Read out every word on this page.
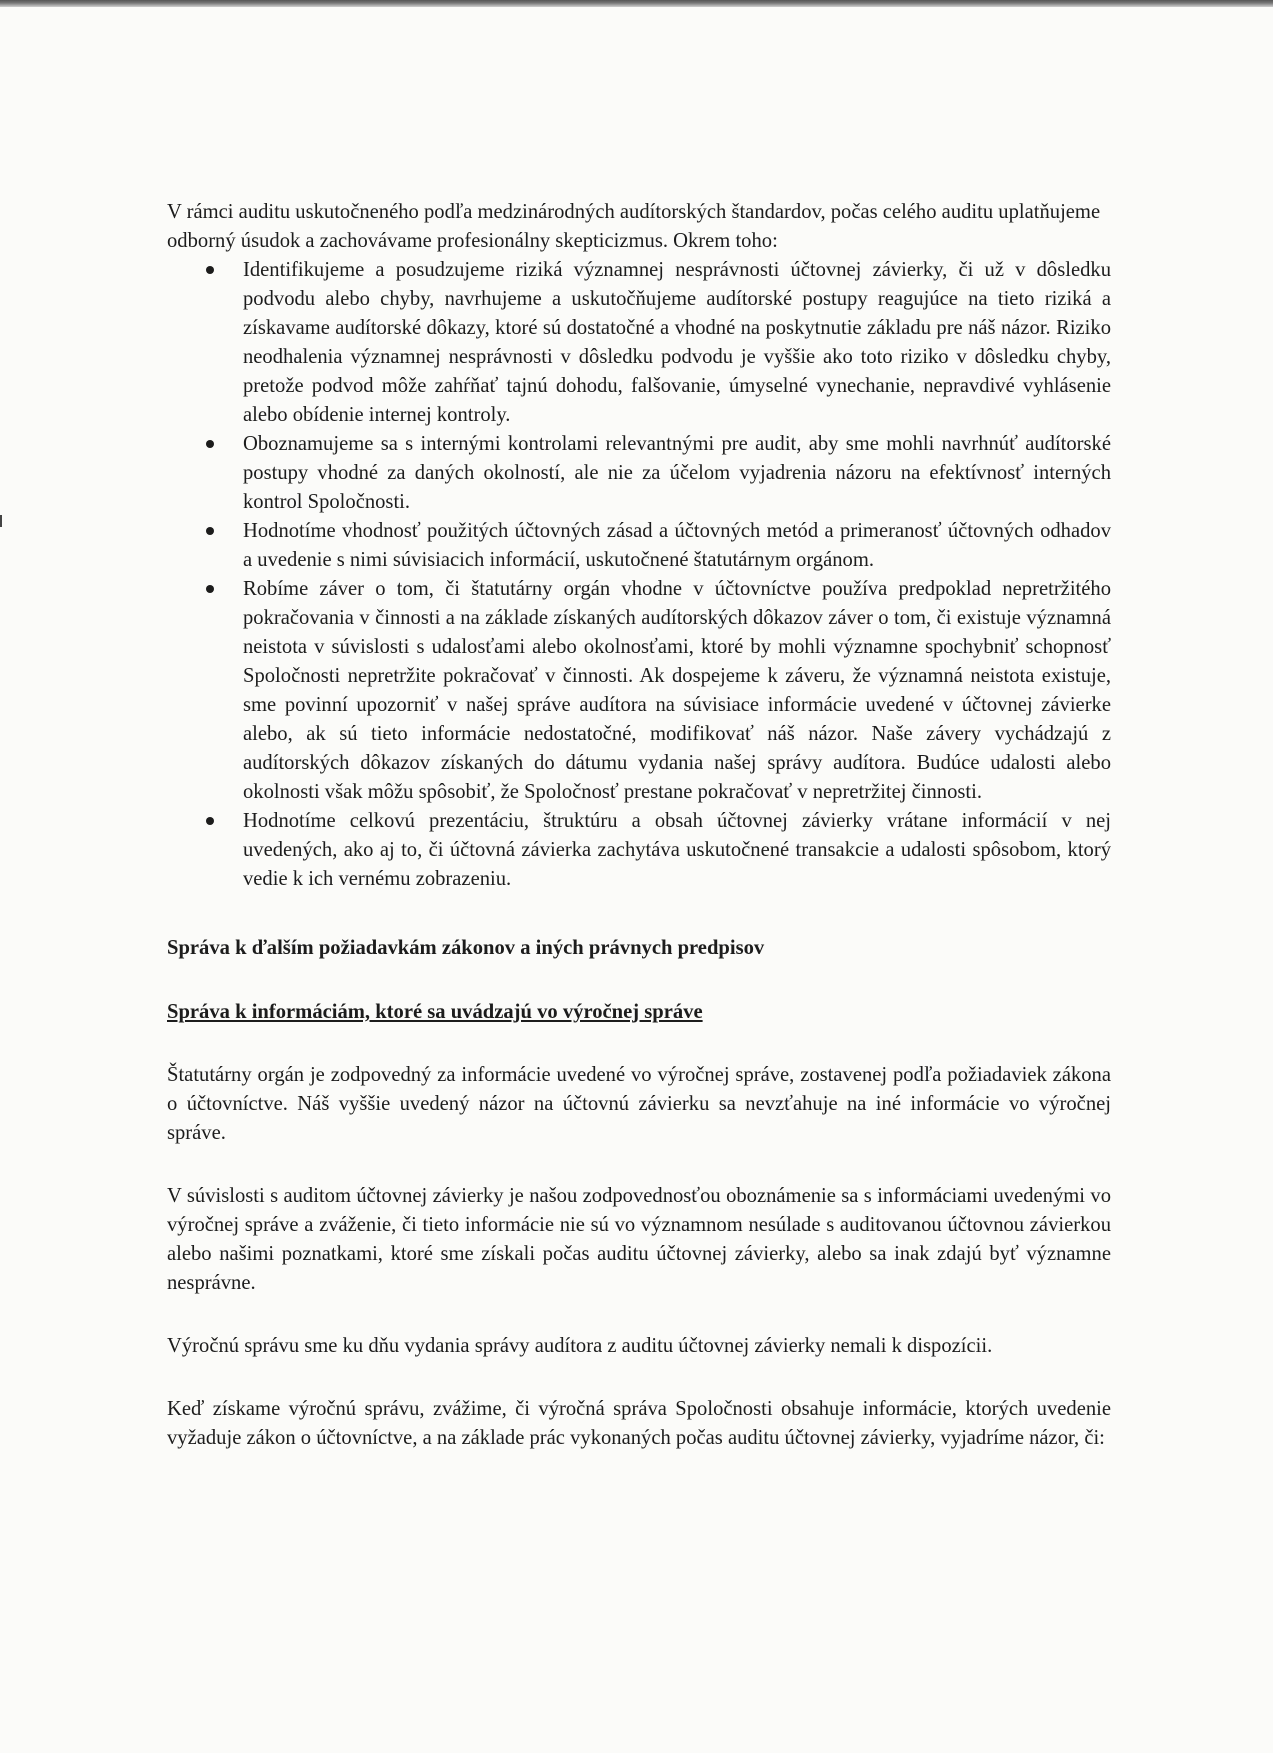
V rámci auditu uskutočneného podľa medzinárodných audítorských štandardov, počas celého auditu uplatňujeme odborný úsudok a zachovávame profesionálny skepticizmus. Okrem toho:

Identifikujeme a posudzujeme riziká významnej nesprávnosti účtovnej závierky, či už v dôsledku podvodu alebo chyby, navrhujeme a uskutočňujeme audítorské postupy reagujúce na tieto riziká a získavame audítorské dôkazy, ktoré sú dostatočné a vhodné na poskytnutie základu pre náš názor. Riziko neodhalenia významnej nesprávnosti v dôsledku podvodu je vyššie ako toto riziko v dôsledku chyby, pretože podvod môže zahŕňať tajnú dohodu, falšovanie, úmyselné vynechanie, nepravdivé vyhlásenie alebo obídenie internej kontroly.
Oboznamujeme sa s internými kontrolami relevantnými pre audit, aby sme mohli navrhnúť audítorské postupy vhodné za daných okolností, ale nie za účelom vyjadrenia názoru na efektívnosť interných kontrol Spoločnosti.
Hodnotíme vhodnosť použitých účtovných zásad a účtovných metód a primeranosť účtovných odhadov a uvedenie s nimi súvisiacich informácií, uskutočnené štatutárnym orgánom.
Robíme záver o tom, či štatutárny orgán vhodne v účtovníctve používa predpoklad nepretržitého pokračovania v činnosti a na základe získaných audítorských dôkazov záver o tom, či existuje významná neistota v súvislosti s udalosťami alebo okolnosťami, ktoré by mohli významne spochybniť schopnosť Spoločnosti nepretržite pokračovať v činnosti. Ak dospejeme k záveru, že významná neistota existuje, sme povinní upozorniť v našej správe audítora na súvisiace informácie uvedené v účtovnej závierke alebo, ak sú tieto informácie nedostatočné, modifikovať náš názor. Naše závery vychádzajú z audítorských dôkazov získaných do dátumu vydania našej správy audítora. Budúce udalosti alebo okolnosti však môžu spôsobiť, že Spoločnosť prestane pokračovať v nepretržitej činnosti.
Hodnotíme celkovú prezentáciu, štruktúru a obsah účtovnej závierky vrátane informácií v nej uvedených, ako aj to, či účtovná závierka zachytáva uskutočnené transakcie a udalosti spôsobom, ktorý vedie k ich vernému zobrazeniu.

Správa k ďalším požiadavkám zákonov a iných právnych predpisov

Správa k informáciám, ktoré sa uvádzajú vo výročnej správe

Štatutárny orgán je zodpovedný za informácie uvedené vo výročnej správe, zostavenej podľa požiadaviek zákona o účtovníctve. Náš vyššie uvedený názor na účtovnú závierku sa nevzťahuje na iné informácie vo výročnej správe.

V súvislosti s auditom účtovnej závierky je našou zodpovednosťou oboznámenie sa s informáciami uvedenými vo výročnej správe a zváženie, či tieto informácie nie sú vo významnom nesúlade s auditovanou účtovnou závierkou alebo našimi poznatkami, ktoré sme získali počas auditu účtovnej závierky, alebo sa inak zdajú byť významne nesprávne.

Výročnú správu sme ku dňu vydania správy audítora z auditu účtovnej závierky nemali k dispozícii.

Keď získame výročnú správu, zvážime, či výročná správa Spoločnosti obsahuje informácie, ktorých uvedenie vyžaduje zákon o účtovníctve, a na základe prác vykonaných počas auditu účtovnej závierky, vyjadríme názor, či:
